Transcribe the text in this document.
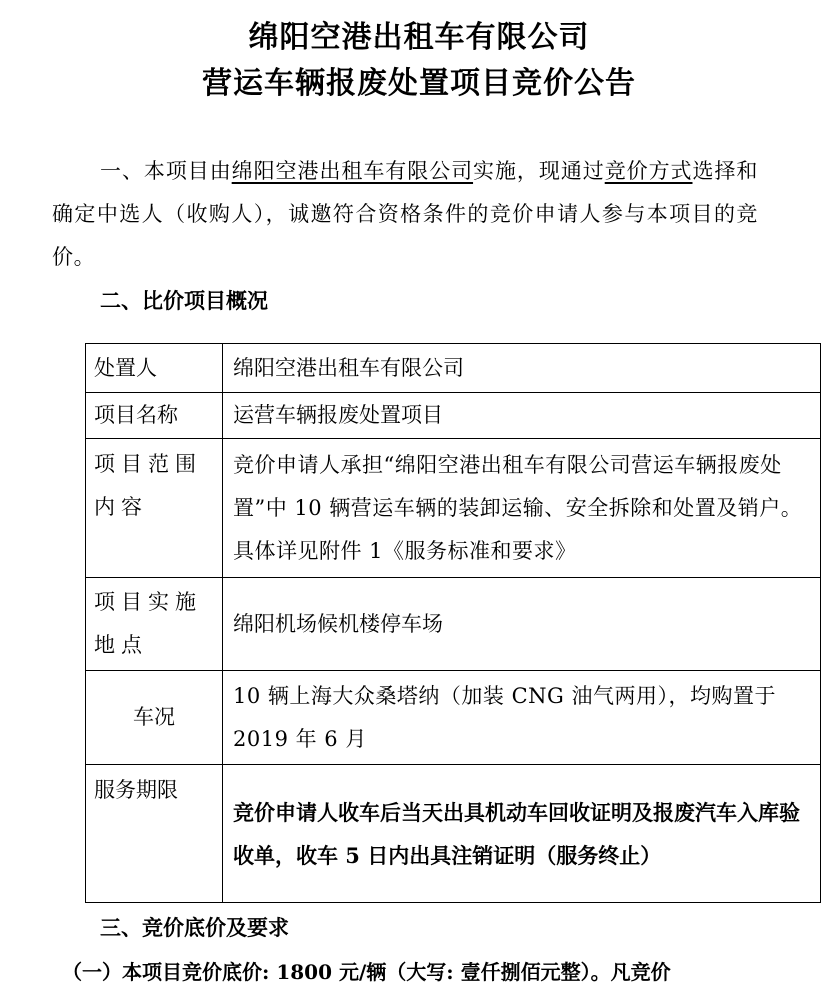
绵阳空港出租车有限公司
营运车辆报废处置项目竞价公告
一、本项目由绵阳空港出租车有限公司实施，现通过竞价方式选择和确定中选人（收购人），诚邀符合资格条件的竞价申请人参与本项目的竞价。
二、比价项目概况
处置人	绵阳空港出租车有限公司
项目名称	运营车辆报废处置项目
项目范围内容	竞价申请人承担“绵阳空港出租车有限公司营运车辆报废处置”中 10 辆营运车辆的装卸运输、安全拆除和处置及销户。具体详见附件 1《服务标准和要求》
项目实施地点	绵阳机场候机楼停车场
车况	10 辆上海大众桑塔纳（加装 CNG 油气两用），均购置于 2019 年 6 月
服务期限	竞价申请人收车后当天出具机动车回收证明及报废汽车入库验收单，收车 5 日内出具注销证明（服务终止）
三、竞价底价及要求
（一）本项目竞价底价: 1800 元/辆（大写: 壹仟捌佰元整）。凡竞价
